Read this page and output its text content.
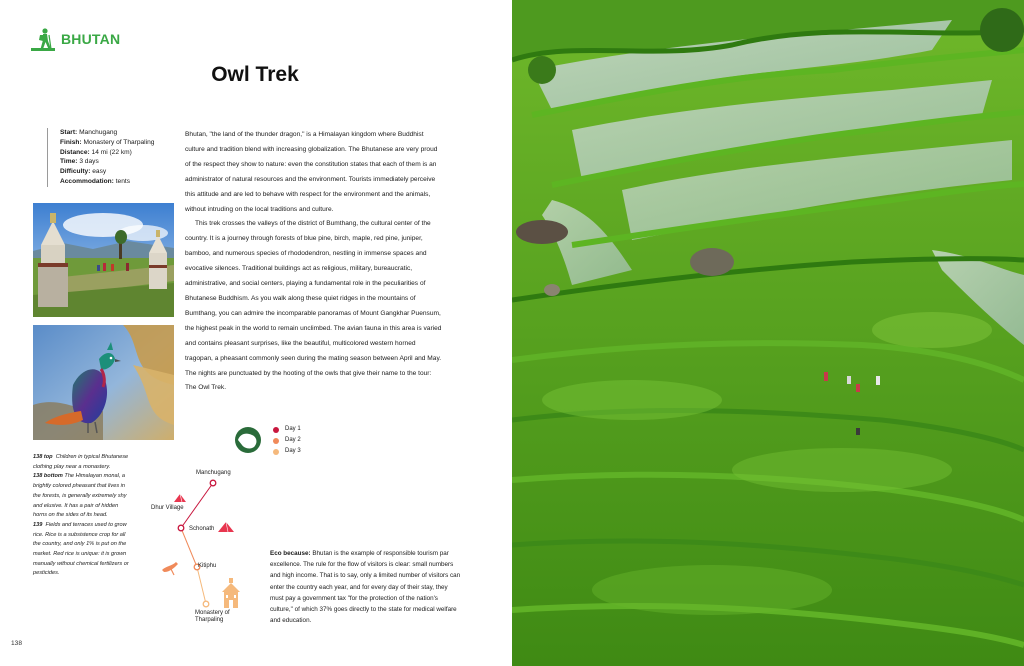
BHUTAN
Owl Trek
Start: Manchugang
Finish: Monastery of Tharpaling
Distance: 14 mi (22 km)
Time: 3 days
Difficulty: easy
Accommodation: tents

138 top Children in typical Bhutanese clothing play near a monastery.

138 bottom The Himalayan monal, a brightly colored pheasant that lives in the forests, is generally extremely shy and elusive. It has a pair of hidden horns on the sides of its head.

139 Fields and terraces used to grow rice. Rice is a subsistence crop for all the country, and only 1% is put on the market. Red rice is unique: it is grown manually without chemical fertilizers or pesticides.

Bhutan, "the land of the thunder dragon," is a Himalayan kingdom where Buddhist culture and tradition blend with increasing globalization. The Bhutanese are very proud of the respect they show to nature: even the constitution states that each of them is an administrator of natural resources and the environment. Tourists immediately perceive this attitude and are led to behave with respect for the environment and the animals, without intruding on the local traditions and culture.

This trek crosses the valleys of the district of Bumthang, the cultural center of the country. It is a journey through forests of blue pine, birch, maple, red pine, juniper, bamboo, and numerous species of rhododendron, nestling in immense spaces and evocative silences. Traditional buildings act as religious, military, bureaucratic, administrative, and social centers, playing a fundamental role in the peculiarities of Bhutanese Buddhism. As you walk along these quiet ridges in the mountains of Bumthang, you can admire the incomparable panoramas of Mount Gangkhar Puensum, the highest peak in the world to remain unclimbed. The avian fauna in this area is varied and contains pleasant surprises, like the beautiful, multicolored western horned tragopan, a pheasant commonly seen during the mating season between April and May. The nights are punctuated by the hooting of the owls that give their name to the tour: The Owl Trek.

Manchugang
Dhur Village
Schonath
Kitiphu
Monastery of
Tharpaling
Day 1
Day 2
Day 3
Eco because: Bhutan is the example of responsible tourism par excellence. The rule for the flow of visitors is clear: small numbers and high income. That is to say, only a limited number of visitors can enter the country each year, and for every day of their stay, they must pay a government tax "for the protection of the nation's culture," of which 37% goes directly to the state for medical welfare and education.
138
